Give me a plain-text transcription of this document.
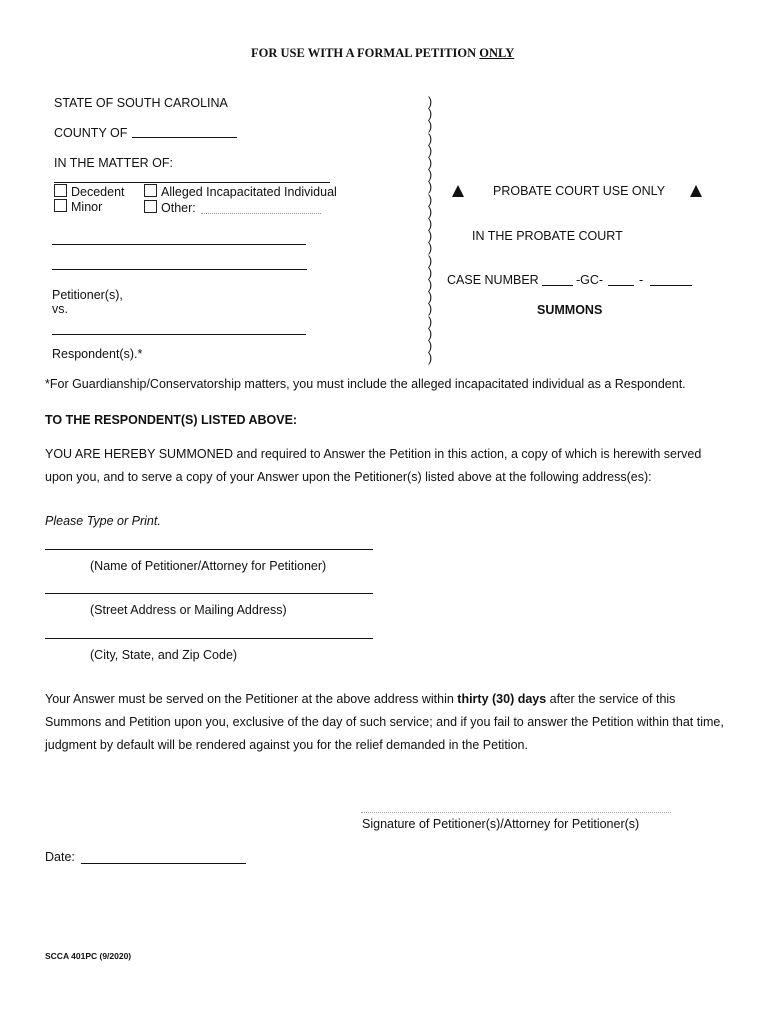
FOR USE WITH A FORMAL PETITION ONLY
STATE OF SOUTH CAROLINA
COUNTY OF
IN THE MATTER OF:
Decedent
Minor
Alleged Incapacitated Individual
Other:
Petitioner(s),
vs.
Respondent(s).*
)
)
)
)
)
)
)
)
)
)
)
)
)
)
)
)
)
)
)
)
)
)
PROBATE COURT USE ONLY
IN THE PROBATE COURT
CASE NUMBER	-GC-	-
SUMMONS
*For Guardianship/Conservatorship matters, you must include the alleged incapacitated individual as a Respondent.
TO THE RESPONDENT(S) LISTED ABOVE:
YOU ARE HEREBY SUMMONED and required to Answer the Petition in this action, a copy of which is herewith served upon you, and to serve a copy of your Answer upon the Petitioner(s) listed above at the following address(es):
Please Type or Print.
(Name of Petitioner/Attorney for Petitioner)
(Street Address or Mailing Address)
(City, State, and Zip Code)
Your Answer must be served on the Petitioner at the above address within thirty (30) days after the service of this Summons and Petition upon you, exclusive of the day of such service; and if you fail to answer the Petition within that time, judgment by default will be rendered against you for the relief demanded in the Petition.
Signature of Petitioner(s)/Attorney for Petitioner(s)
Date:
SCCA 401PC (9/2020)
